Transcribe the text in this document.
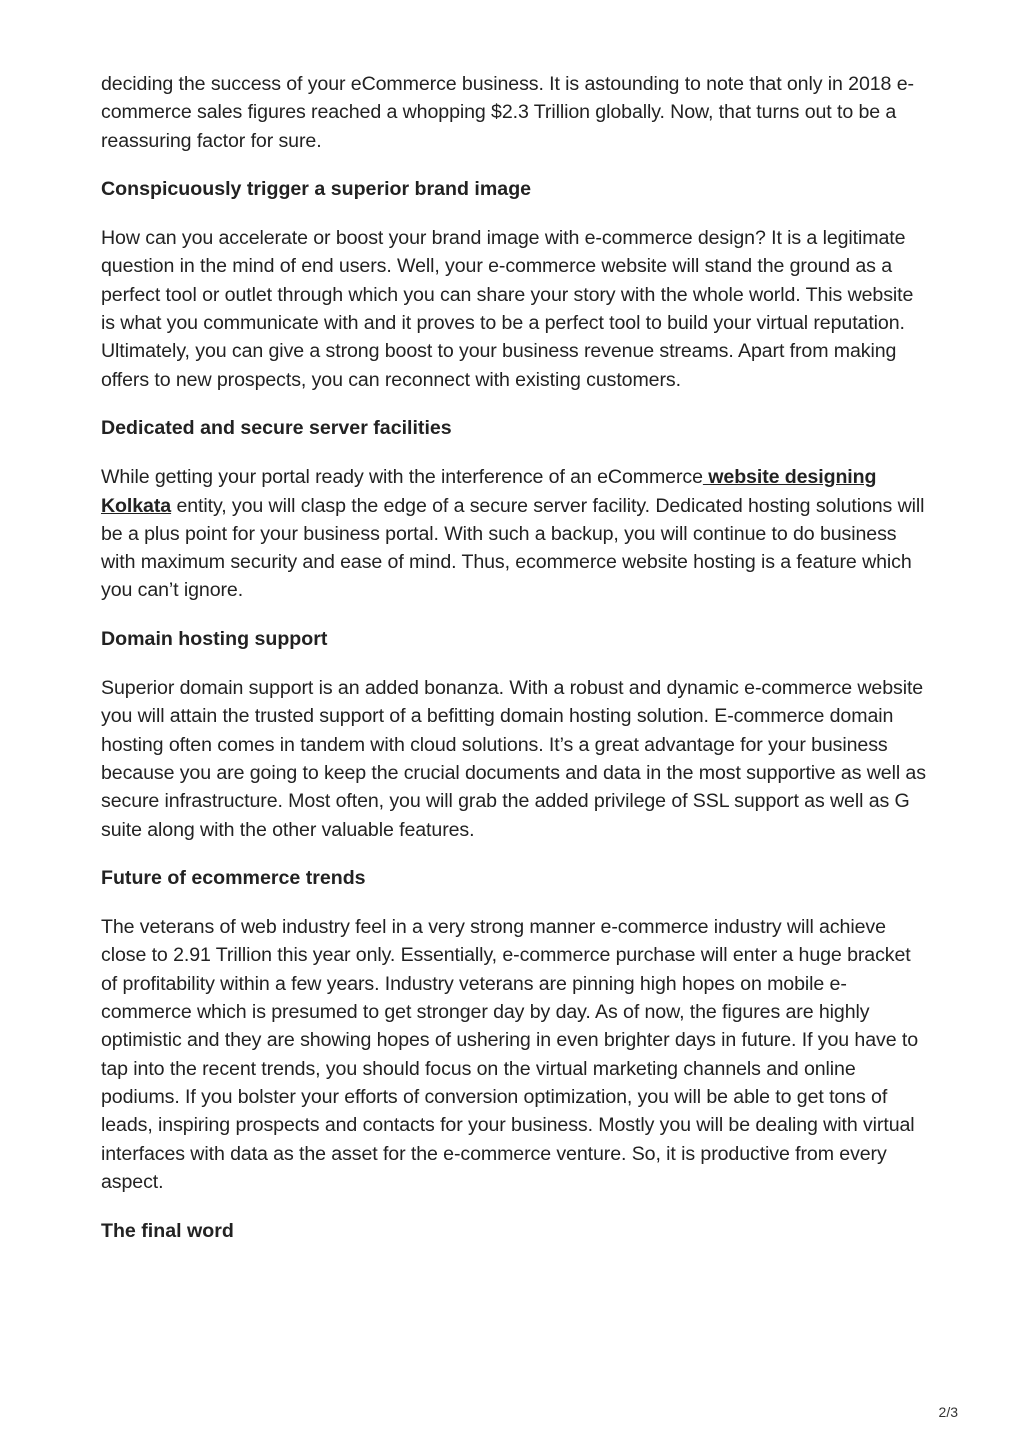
deciding the success of your eCommerce business. It is astounding to note that only in 2018 e-commerce sales figures reached a whopping $2.3 Trillion globally. Now, that turns out to be a reassuring factor for sure.

Conspicuously trigger a superior brand image

How can you accelerate or boost your brand image with e-commerce design? It is a legitimate question in the mind of end users. Well, your e-commerce website will stand the ground as a perfect tool or outlet through which you can share your story with the whole world. This website is what you communicate with and it proves to be a perfect tool to build your virtual reputation. Ultimately, you can give a strong boost to your business revenue streams. Apart from making offers to new prospects, you can reconnect with existing customers.

Dedicated and secure server facilities

While getting your portal ready with the interference of an eCommerce website designing Kolkata entity, you will clasp the edge of a secure server facility. Dedicated hosting solutions will be a plus point for your business portal. With such a backup, you will continue to do business with maximum security and ease of mind. Thus, ecommerce website hosting is a feature which you can’t ignore.

Domain hosting support

Superior domain support is an added bonanza. With a robust and dynamic e-commerce website you will attain the trusted support of a befitting domain hosting solution. E-commerce domain hosting often comes in tandem with cloud solutions. It’s a great advantage for your business because you are going to keep the crucial documents and data in the most supportive as well as secure infrastructure. Most often, you will grab the added privilege of SSL support as well as G suite along with the other valuable features.

Future of ecommerce trends

The veterans of web industry feel in a very strong manner e-commerce industry will achieve close to 2.91 Trillion this year only. Essentially, e-commerce purchase will enter a huge bracket of profitability within a few years. Industry veterans are pinning high hopes on mobile e-commerce which is presumed to get stronger day by day. As of now, the figures are highly optimistic and they are showing hopes of ushering in even brighter days in future. If you have to tap into the recent trends, you should focus on the virtual marketing channels and online podiums. If you bolster your efforts of conversion optimization, you will be able to get tons of leads, inspiring prospects and contacts for your business. Mostly you will be dealing with virtual interfaces with data as the asset for the e-commerce venture. So, it is productive from every aspect.

The final word
2/3
